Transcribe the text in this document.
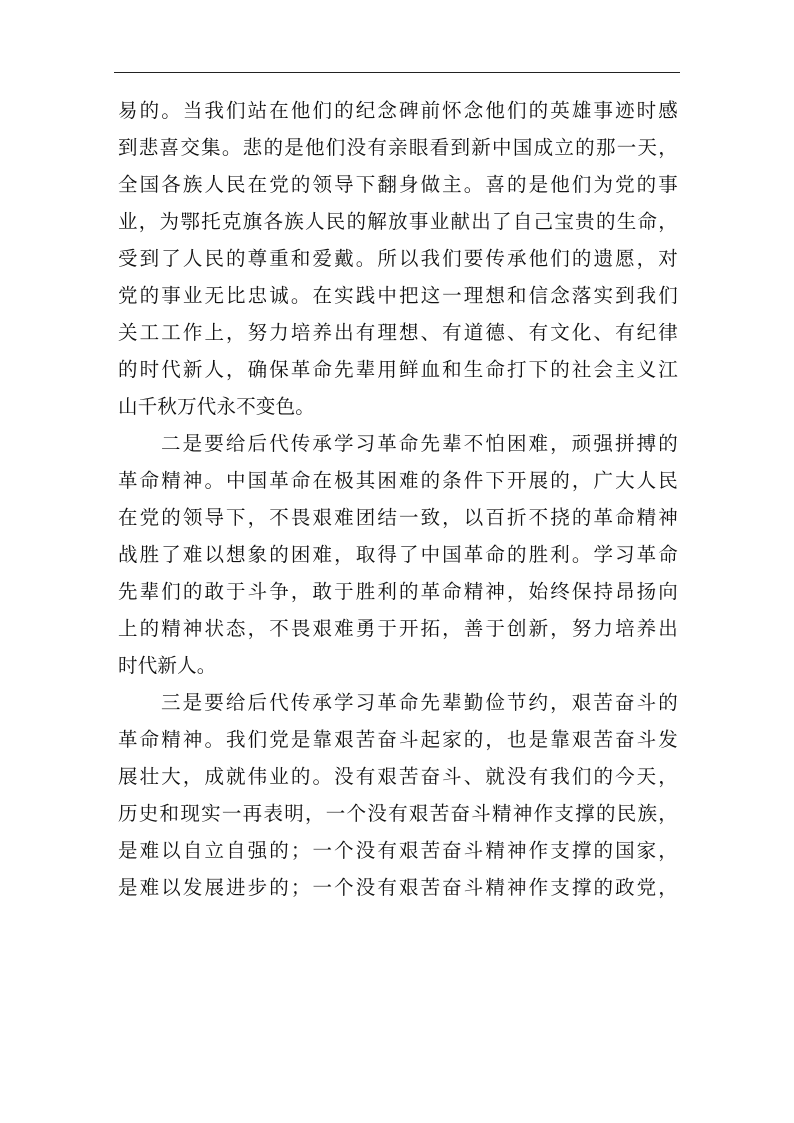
易的。当我们站在他们的纪念碑前怀念他们的英雄事迹时感
到悲喜交集。悲的是他们没有亲眼看到新中国成立的那一天，
全国各族人民在党的领导下翻身做主。喜的是他们为党的事
业，为鄂托克旗各族人民的解放事业献出了自己宝贵的生命，
受到了人民的尊重和爱戴。所以我们要传承他们的遗愿，对
党的事业无比忠诚。在实践中把这一理想和信念落实到我们
关工工作上，努力培养出有理想、有道德、有文化、有纪律
的时代新人，确保革命先辈用鲜血和生命打下的社会主义江
山千秋万代永不变色。
二是要给后代传承学习革命先辈不怕困难，顽强拼搏的
革命精神。中国革命在极其困难的条件下开展的，广大人民
在党的领导下，不畏艰难团结一致，以百折不挠的革命精神
战胜了难以想象的困难，取得了中国革命的胜利。学习革命
先辈们的敢于斗争，敢于胜利的革命精神，始终保持昂扬向
上的精神状态，不畏艰难勇于开拓，善于创新，努力培养出
时代新人。
三是要给后代传承学习革命先辈勤俭节约，艰苦奋斗的
革命精神。我们党是靠艰苦奋斗起家的，也是靠艰苦奋斗发
展壮大，成就伟业的。没有艰苦奋斗、就没有我们的今天，
历史和现实一再表明，一个没有艰苦奋斗精神作支撑的民族，
是难以自立自强的；一个没有艰苦奋斗精神作支撑的国家，
是难以发展进步的；一个没有艰苦奋斗精神作支撑的政党，
